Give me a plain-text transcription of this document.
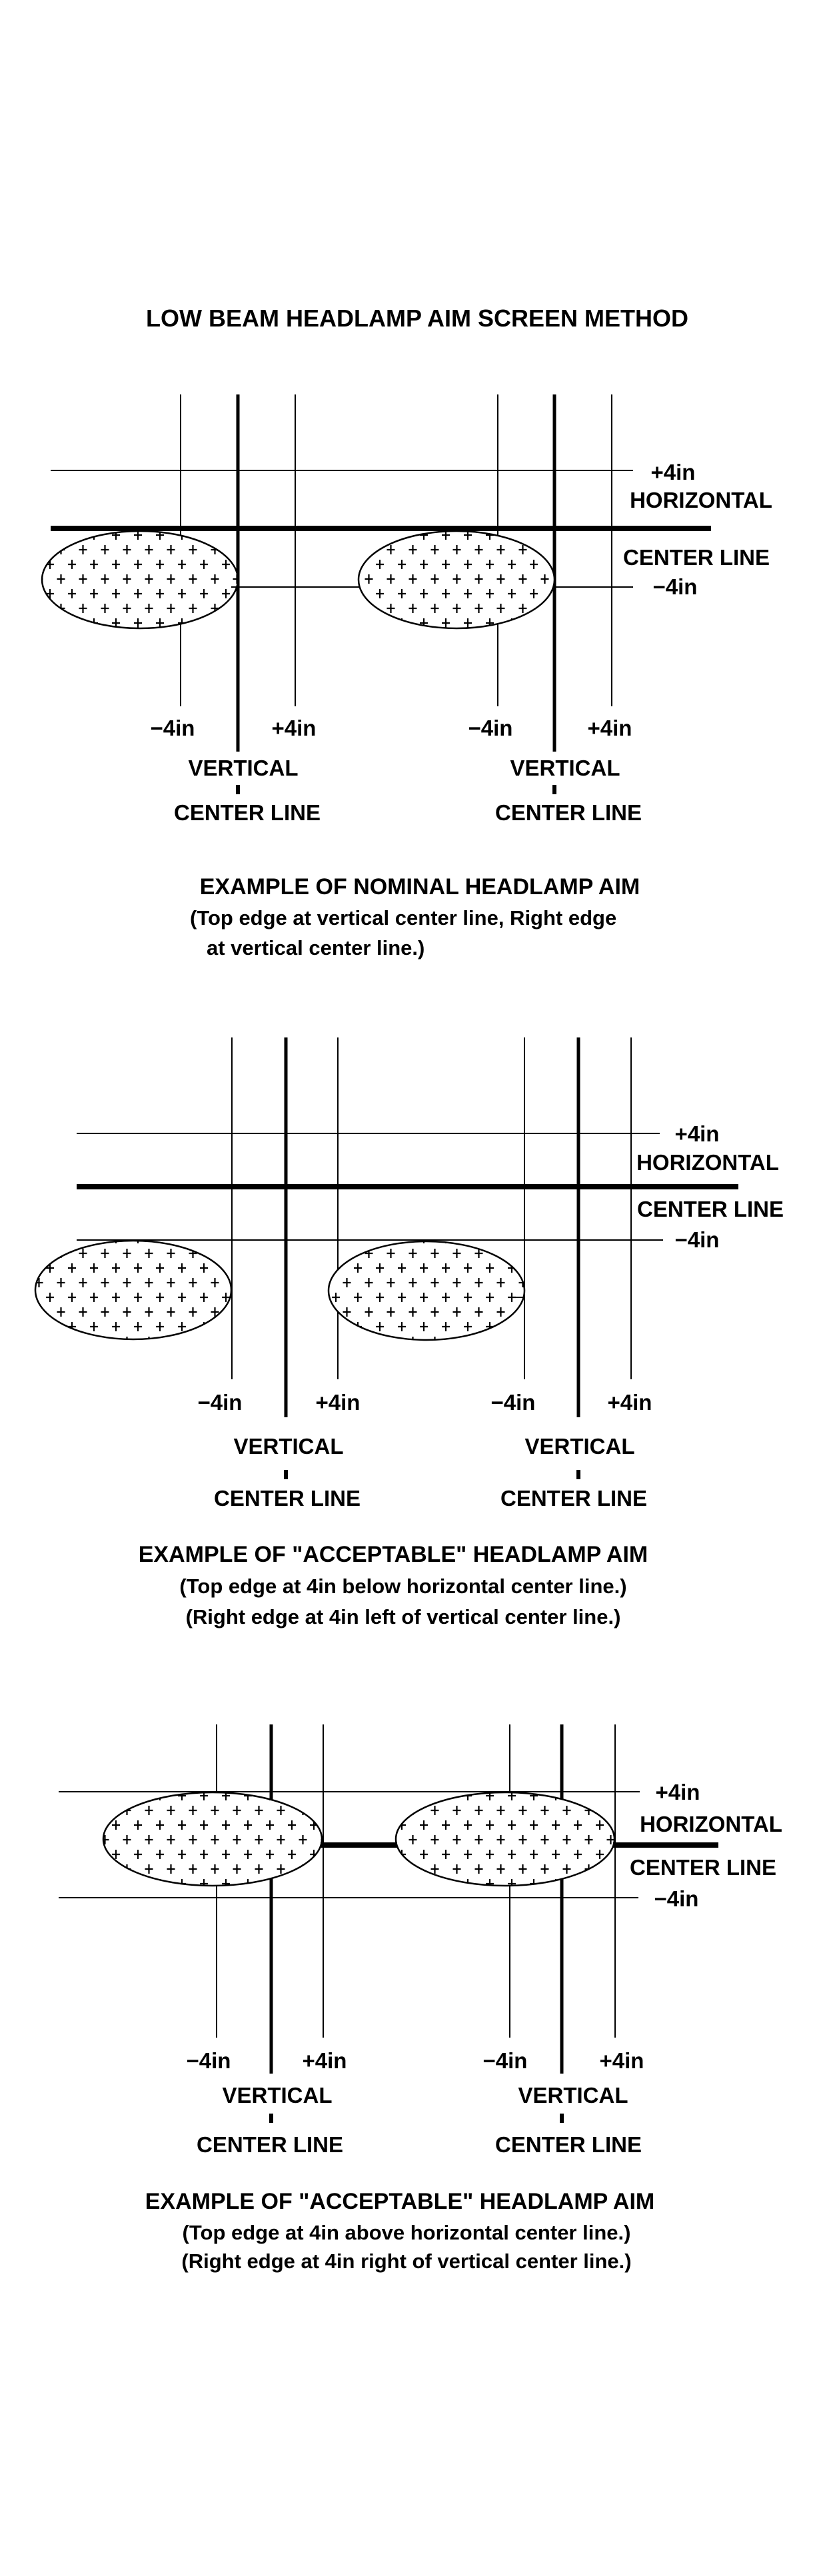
LOW BEAM HEADLAMP AIM SCREEN METHOD
+4in
HORIZONTAL
CENTER LINE
−4in
−4in	+4in	−4in	+4in
VERTICAL	VERTICAL
CENTER LINE	CENTER LINE
EXAMPLE OF NOMINAL HEADLAMP AIM
(Top edge at vertical center line, Right edge
at vertical center line.)
+4in
HORIZONTAL
CENTER LINE
−4in
−4in	+4in	−4in	+4in
VERTICAL	VERTICAL
CENTER LINE	CENTER LINE
EXAMPLE OF "ACCEPTABLE" HEADLAMP AIM
(Top edge at 4in below horizontal center line.)
(Right edge at 4in left of vertical center line.)
+4in
HORIZONTAL
CENTER LINE
−4in
−4in	+4in	−4in	+4in
VERTICAL	VERTICAL
CENTER LINE	CENTER LINE
EXAMPLE OF "ACCEPTABLE" HEADLAMP AIM
(Top edge at 4in above horizontal center line.)
(Right edge at 4in right of vertical center line.)
